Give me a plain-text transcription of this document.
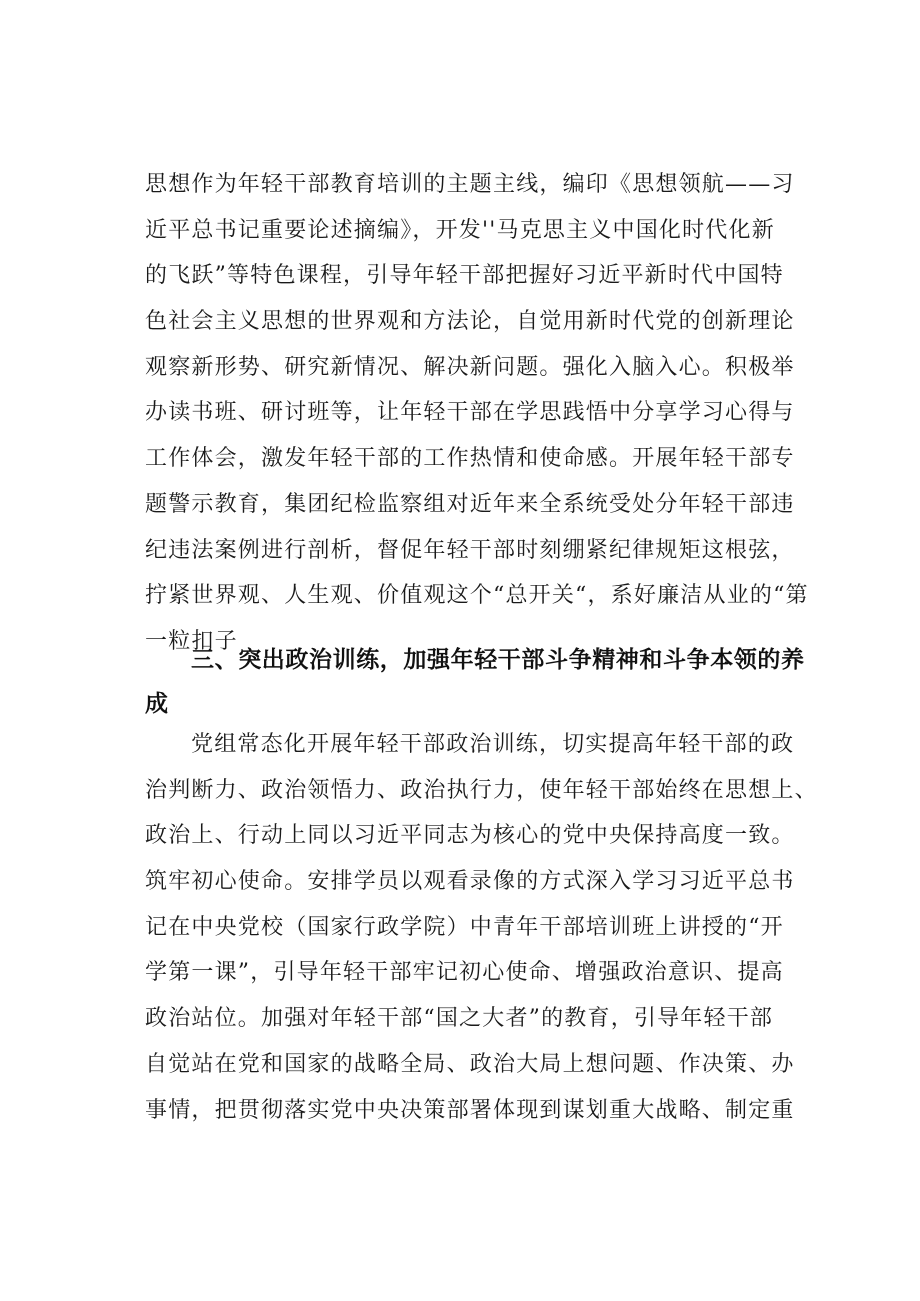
思想作为年轻干部教育培训的主题主线，编印《思想领航——习
近平总书记重要论述摘编》，开发''马克思主义中国化时代化新
的飞跃”等特色课程，引导年轻干部把握好习近平新时代中国特
色社会主义思想的世界观和方法论，自觉用新时代党的创新理论
观察新形势、研究新情况、解决新问题。强化入脑入心。积极举
办读书班、研讨班等，让年轻干部在学思践悟中分享学习心得与
工作体会，激发年轻干部的工作热情和使命感。开展年轻干部专
题警示教育，集团纪检监察组对近年来全系统受处分年轻干部违
纪违法案例进行剖析，督促年轻干部时刻绷紧纪律规矩这根弦，
拧紧世界观、人生观、价值观这个“总开关“，系好廉洁从业的“第
一粒扣子
三、突出政治训练，加强年轻干部斗争精神和斗争本领的养
成
党组常态化开展年轻干部政治训练，切实提高年轻干部的政
治判断力、政治领悟力、政治执行力，使年轻干部始终在思想上、
政治上、行动上同以习近平同志为核心的党中央保持高度一致。
筑牢初心使命。安排学员以观看录像的方式深入学习习近平总书
记在中央党校（国家行政学院）中青年干部培训班上讲授的“开
学第一课”，引导年轻干部牢记初心使命、增强政治意识、提高
政治站位。加强对年轻干部“国之大者”的教育，引导年轻干部
自觉站在党和国家的战略全局、政治大局上想问题、作决策、办
事情，把贯彻落实党中央决策部署体现到谋划重大战略、制定重
